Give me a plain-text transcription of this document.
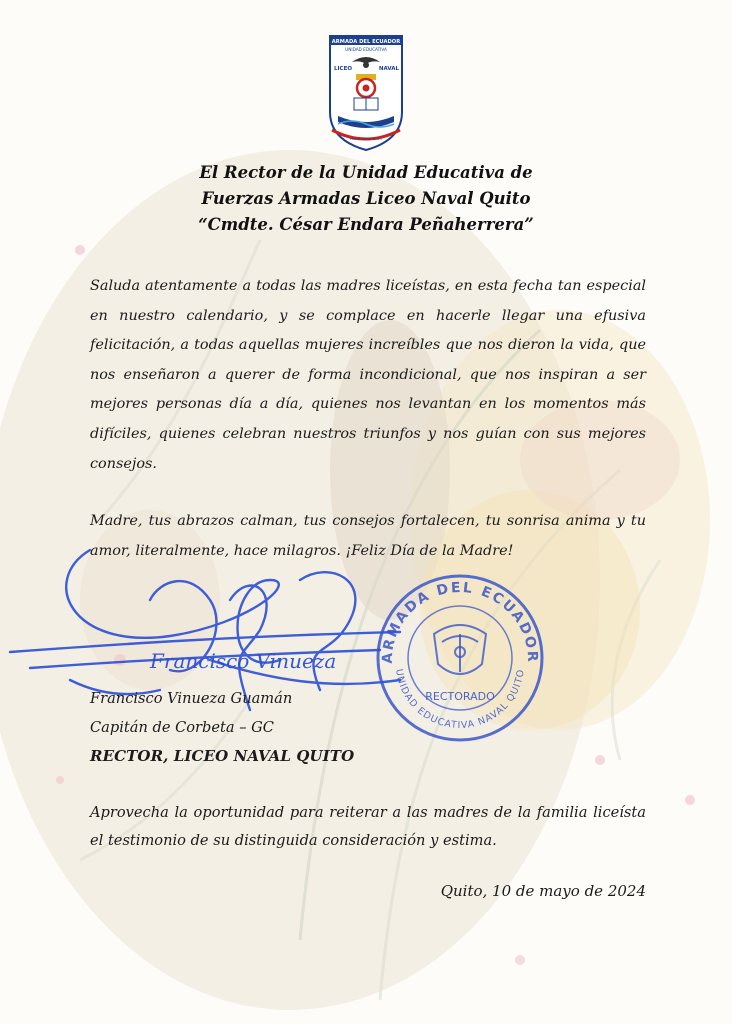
ARMADA DEL ECUADOR
UNIDAD EDUCATIVA
LICEO	NAVAL
VIRTUS OMNIA VINCIT
El Rector de la Unidad Educativa de
Fuerzas Armadas Liceo Naval Quito
“Cmdte. César Endara Peñaherrera”

Saluda atentamente a todas las madres liceístas, en esta fecha tan especial en nuestro calendario, y se complace en hacerle llegar una efusiva felicitación, a todas aquellas mujeres increíbles que nos dieron la vida, que nos enseñaron a querer de forma incondicional, que nos inspiran a ser mejores personas día a día, quienes nos levantan en los momentos más difíciles, quienes celebran nuestros triunfos y nos guían con sus mejores consejos.

Madre, tus abrazos calman, tus consejos fortalecen, tu sonrisa anima y tu amor, literalmente, hace milagros. ¡Feliz Día de la Madre!

ARMADA DEL ECUADOR
UNIDAD EDUCATIVA NAVAL QUITO
RECTORADO
Francisco Vinueza
Francisco Vinueza Guamán
Capitán de Corbeta – GC
RECTOR, LICEO NAVAL QUITO

Aprovecha la oportunidad para reiterar a las madres de la familia liceísta el testimonio de su distinguida consideración y estima.

Quito, 10 de mayo de 2024
